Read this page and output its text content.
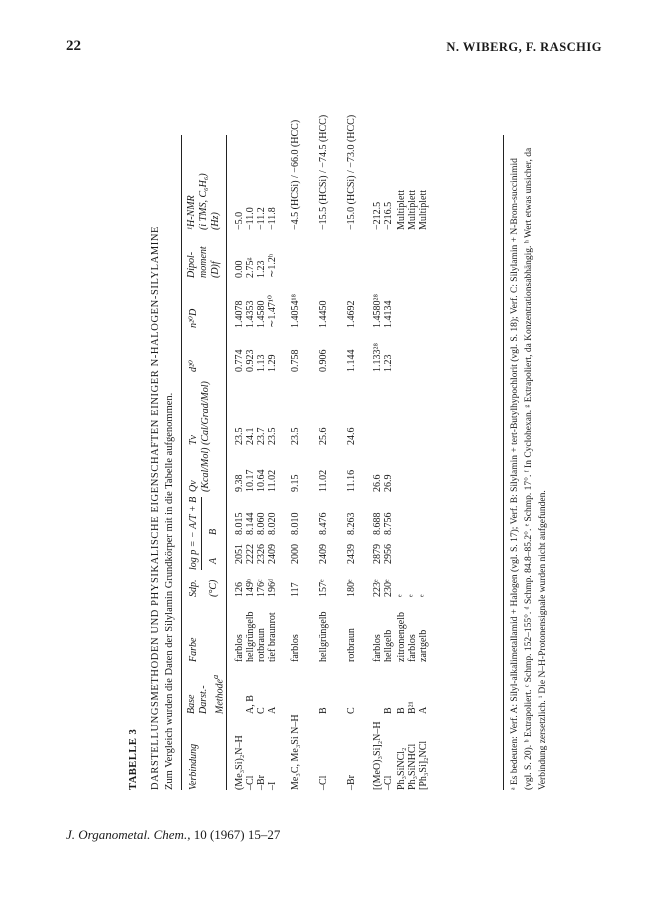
22	N. WIBERG, F. RASCHIG
J. Organometal. Chem., 10 (1967) 15–27
TABELLE 3 DARSTELLUNGSMETHODEN UND PHYSIKALISCHE EIGENSCHAFTEN EINIGER N-HALOGEN-SILYLAMINE Zum Vergleich wurden die Daten der Silylamin Grundkörper mit in die Tabelle aufgenommen. Verbindung
Base Darst.- Methode$^a$
Farbe
Sdp. (°C)
log p = − A/T + B A
B
Qv (Kcal/Mol)
Tv (Cal/Grad/Mol)
d²⁰
n²⁰D
Dipol- moment (D)f
¹H-NMR (i TMS, C₆H₆) (Hz)
(Me₃Si)₂N–H
farblos
126
2051
8.015
9.38
23.5
0.774
1.4078
0.00
−5.0
–Cl
A, B
hellgrüngelb
149ᵇ
2222
8.144
10.17
24.1
0.923
1.4353
2.75ᵍ
−11.0
–Br
C
rotbraun
176ᶜ
2326
8.060
10.64
23.7
1.13
1.4580
1.23
−11.2
–I
A
tief braunrot
196ᵈ
2409
8.020
11.02
23.5
1.29
∼1.47¹⁰
∼1.2ʰ
−11.8
Me₃C, Me₃Si N–H
farblos
117
2000
8.010
9.15
23.5
0.758
1.4054¹⁸
−4.5 (HCSi) / −66.0 (HCC)
–Cl
B
hellgrüngelb
157ᵉ
2409
8.476
11.02
25.6
0.906
1.4450
−15.5 (HCSi) / −74.5 (HCC)
–Br
C
rotbraun
180ᵉ
2439
8.263
11.16
24.6
1.144
1.4692
−15.0 (HCSi) / −73.0 (HCC)
[(MeO)₃Si]₂N–H
farblos
223ᵉ
2879
8.688
26.6
1.133²⁸
1.4580²⁸
−212.5
–Cl
B
hellgelb
230ᵉ
2956
8.756
26.9
1.23
1.4134
−216.5
Ph₃SiNCl₂
B
zitronengelb
ᵉ
Multiplett
Ph₃SiNHCl
B²¹
farblos
ᵉ
Multiplett
[Ph₃Si]₂NCl
A
zartgelb
ᵉ
Multiplett	ᵃ Es bedeuten: Verf. A: Silyl-alkalimetallamid + Halogen (vgl. S. 17); Verf. B: Silylamin + tert-Butylhypochlorit (vgl. S. 18); Verf. C: Silylamin + N-Brom-succinimid (vgl. S. 20). ᵇ Extrapoliert. ᶜ Schmp. 152–155°. ᵈ Schmp. 84.8–85.2°. ᵉ Schmp. 17°. ᶠ In Cyclohexan. ᵍ Extrapoliert, da Konzentrationsabhängig. ʰ Wert etwas unsicher, da Verbindung zersetzlich. ⁱ Die N–H-Protonensignale wurden nicht aufgefunden.
